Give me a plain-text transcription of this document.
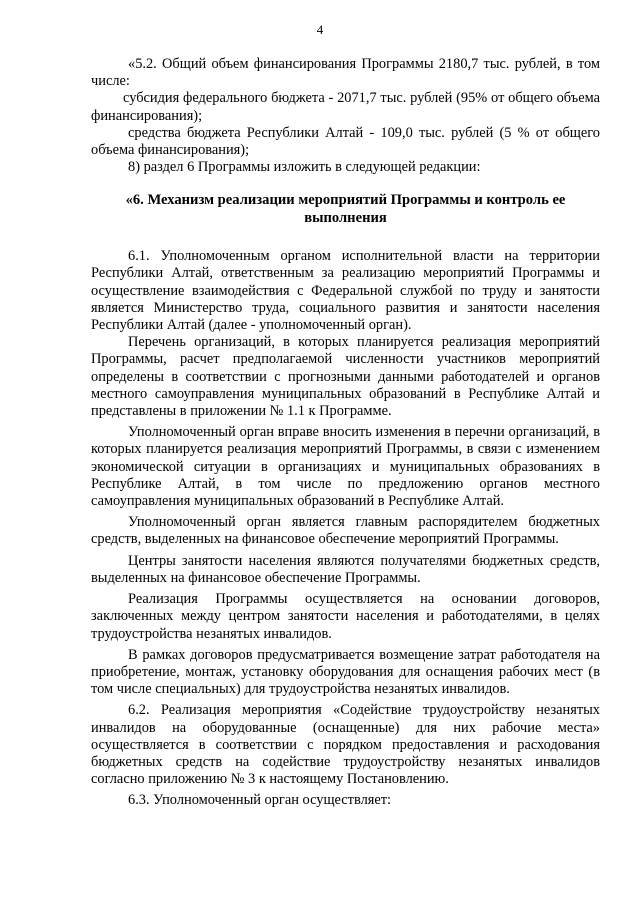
4

«5.2. Общий объем финансирования Программы 2180,7 тыс. рублей, в том числе:

субсидия федерального бюджета - 2071,7 тыс. рублей (95% от общего объема финансирования);

средства бюджета Республики Алтай - 109,0 тыс. рублей (5 % от общего объема финансирования);

8) раздел 6 Программы изложить в следующей редакции:

«6. Механизм реализации мероприятий Программы и контроль ее выполнения

6.1. Уполномоченным органом исполнительной власти на территории Республики Алтай, ответственным за реализацию мероприятий Программы и осуществление взаимодействия с Федеральной службой по труду и занятости является Министерство труда, социального развития и занятости населения Республики Алтай (далее - уполномоченный орган).

Перечень организаций, в которых планируется реализация мероприятий Программы, расчет предполагаемой численности участников мероприятий определены в соответствии с прогнозными данными работодателей и органов местного самоуправления муниципальных образований в Республике Алтай и представлены в приложении № 1.1 к Программе.

Уполномоченный орган вправе вносить изменения в перечни организаций, в которых планируется реализация мероприятий Программы, в связи с изменением экономической ситуации в организациях и муниципальных образованиях в Республике Алтай, в том числе по предложению органов местного самоуправления муниципальных образований в Республике Алтай.

Уполномоченный орган является главным распорядителем бюджетных средств, выделенных на финансовое обеспечение мероприятий Программы.

Центры занятости населения являются получателями бюджетных средств, выделенных на финансовое обеспечение Программы.

Реализация Программы осуществляется на основании договоров, заключенных между центром занятости населения и работодателями, в целях трудоустройства незанятых инвалидов.

В рамках договоров предусматривается возмещение затрат работодателя на приобретение, монтаж, установку оборудования для оснащения рабочих мест (в том числе специальных) для трудоустройства незанятых инвалидов.

6.2. Реализация мероприятия «Содействие трудоустройству незанятых инвалидов на оборудованные (оснащенные) для них рабочие места» осуществляется в соответствии с порядком предоставления и расходования бюджетных средств на содействие трудоустройству незанятых инвалидов согласно приложению № 3 к настоящему Постановлению.

6.3. Уполномоченный орган осуществляет:
